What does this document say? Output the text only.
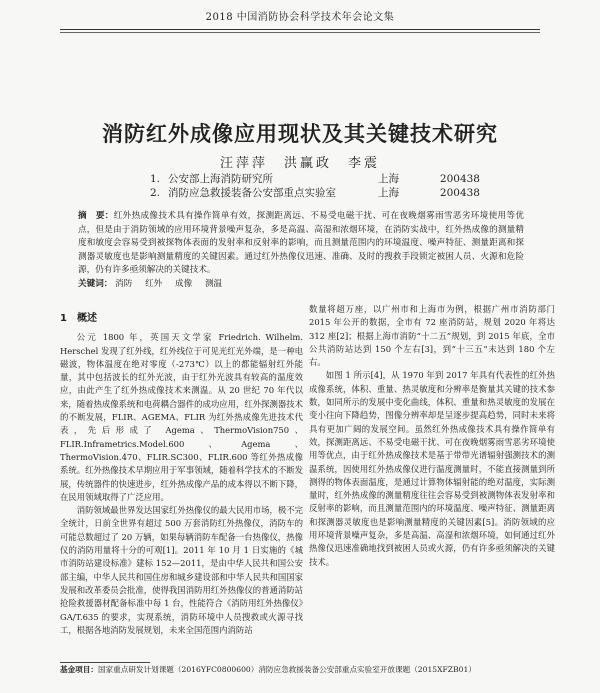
2018 中国消防协会科学技术年会论文集
消防红外成像应用现状及其关键技术研究
汪萍萍　洪赢政　李震
1. 公安部上海消防研究所	上海	200438
2. 消防应急救援装备公安部重点实验室	上海	200438
摘　要：红外热成像技术具有操作简单有效，探测距离远、不易受电磁干扰、可在夜晚烟雾雨雪恶劣环境使用等优点，但是由于消防领域的应用环境背景噪声复杂，多是高温、高湿和浓烟环境，在消防实战中，红外热成像的测量精度和敏度会容易受到被探物体表面的发射率和反射率的影响，而且测量范围内的环境温度、噪声特征、测量距离和探测器灵敏度也是影响测量精度的关键因素。通过红外热像仪迅速、准确、及时的搜救手段锁定被困人员、火源和危险源，仍有许多亟须解决的关键技术。
关键词： 消防 红外 成像 测温
1　概述

公元 1800 年，英国天文学家 Friedrich. Wilhelm. Herschel 发现了红外线，红外线位于可见光红光外端，是一种电磁波，物体温度在绝对零度（-273℃）以上的都能辐射红外能量，其中包括波长的红外光波，由于红外光波具有较高的温度效应，由此产生了红外热成像技术来测温。从 20 世纪 70 年代以来，随着热成像系统和电荷耦合器件的成功应用，红外探测器技术的不断发展，FLIR、AGEMA、FLIR 为红外热成像先进技术代表，先后形成了 Agema、ThermoVision750、FLIR.Inframetrics.Model.600、Agema、ThermoVision.470、FLIR.SC300、FLIR.600 等红外热成像系统。红外热像技术早期应用于军事领域，随着科学技术的不断发展，传统器件的快速进步，红外热成像产品的成本得以不断下降，在民用领域取得了广泛应用。

消防领域最世界发达国家红外热像仪的最大民用市场，极不完全统计，日前全世界有超过 500 万套消防红外热像仪，消防车的可能总数超过了 20 万辆，如果每辆消防车配备一台热像仪，热像仪的消防用量将十分的可观[1]。2011 年 10 月 1 日实施的《城市消防站建设标准》建标 152—2011，是由中华人民共和国公安部主编，中华人民共和国住房和城乡建设部和中华人民共和国国家发展和改革委员会批准，使得我国消防用红外热像仪的普通消防站抢险救援器材配备标准中每 1 台，性能符合《消防用红外热像仪》GA/T.635 的要求，实现系统，消防环境中人员搜救或火源寻找工，根据各地消防发展规划，未来全国范围内消防站

数量将超万座，以广州市和上海市为例，根据广州市消防部门 2015 年公开的数据，全市有 72 座消防站，规划 2020 年将达 312 座[2]；根据上海市消防“十二五”规划，到 2015 年底，全市公共消防站达到 150 个左右[3]，到“十三五”末达到 180 个左右。

如图 1 所示[4]，从 1970 年到 2017 年具有代表性的红外热成像系统，体积、重量、热灵敏度和分辨率是衡量其关键的技术参数，如同所示的发展中变化曲线，体积、重量和热灵敏度的发展在变小往向下降趋势，图像分辨率却是呈逐步提高趋势，同时未来将具有更加广阔的发展空间。虽然红外热成像技术具有操作简单有效，探测距离远、不易受电磁干扰、可在夜晚烟雾雨雪恶劣环境使用等优点，由于红外热成像技术是基于带带光谱辐射强测技术的测温系统，因使用红外热成像仪进行温度测量时，不能直接测量到所测得的物体表面温度，是通过计算物体辐射能的绝对温度，实际测量时，红外热成像的测量精度往往会容易受到被测物体表发射率和反射率的影响，而且测量范围内的环境温度、噪声特征、测量距离和探测器灵敏度也是影响测量精度的关键因素[5]。消防领域的应用环境背景噪声复杂，多是高温、高湿和浓烟环境，如何通过红外热像仪迅速准确地找到被困人员或火源，仍有许多亟须解决的关键技术。

基金项目：国家重点研发计划课题（2016YFC0800600）消防应急救援装备公安部重点实验室开放课题（2015XFZB01）
